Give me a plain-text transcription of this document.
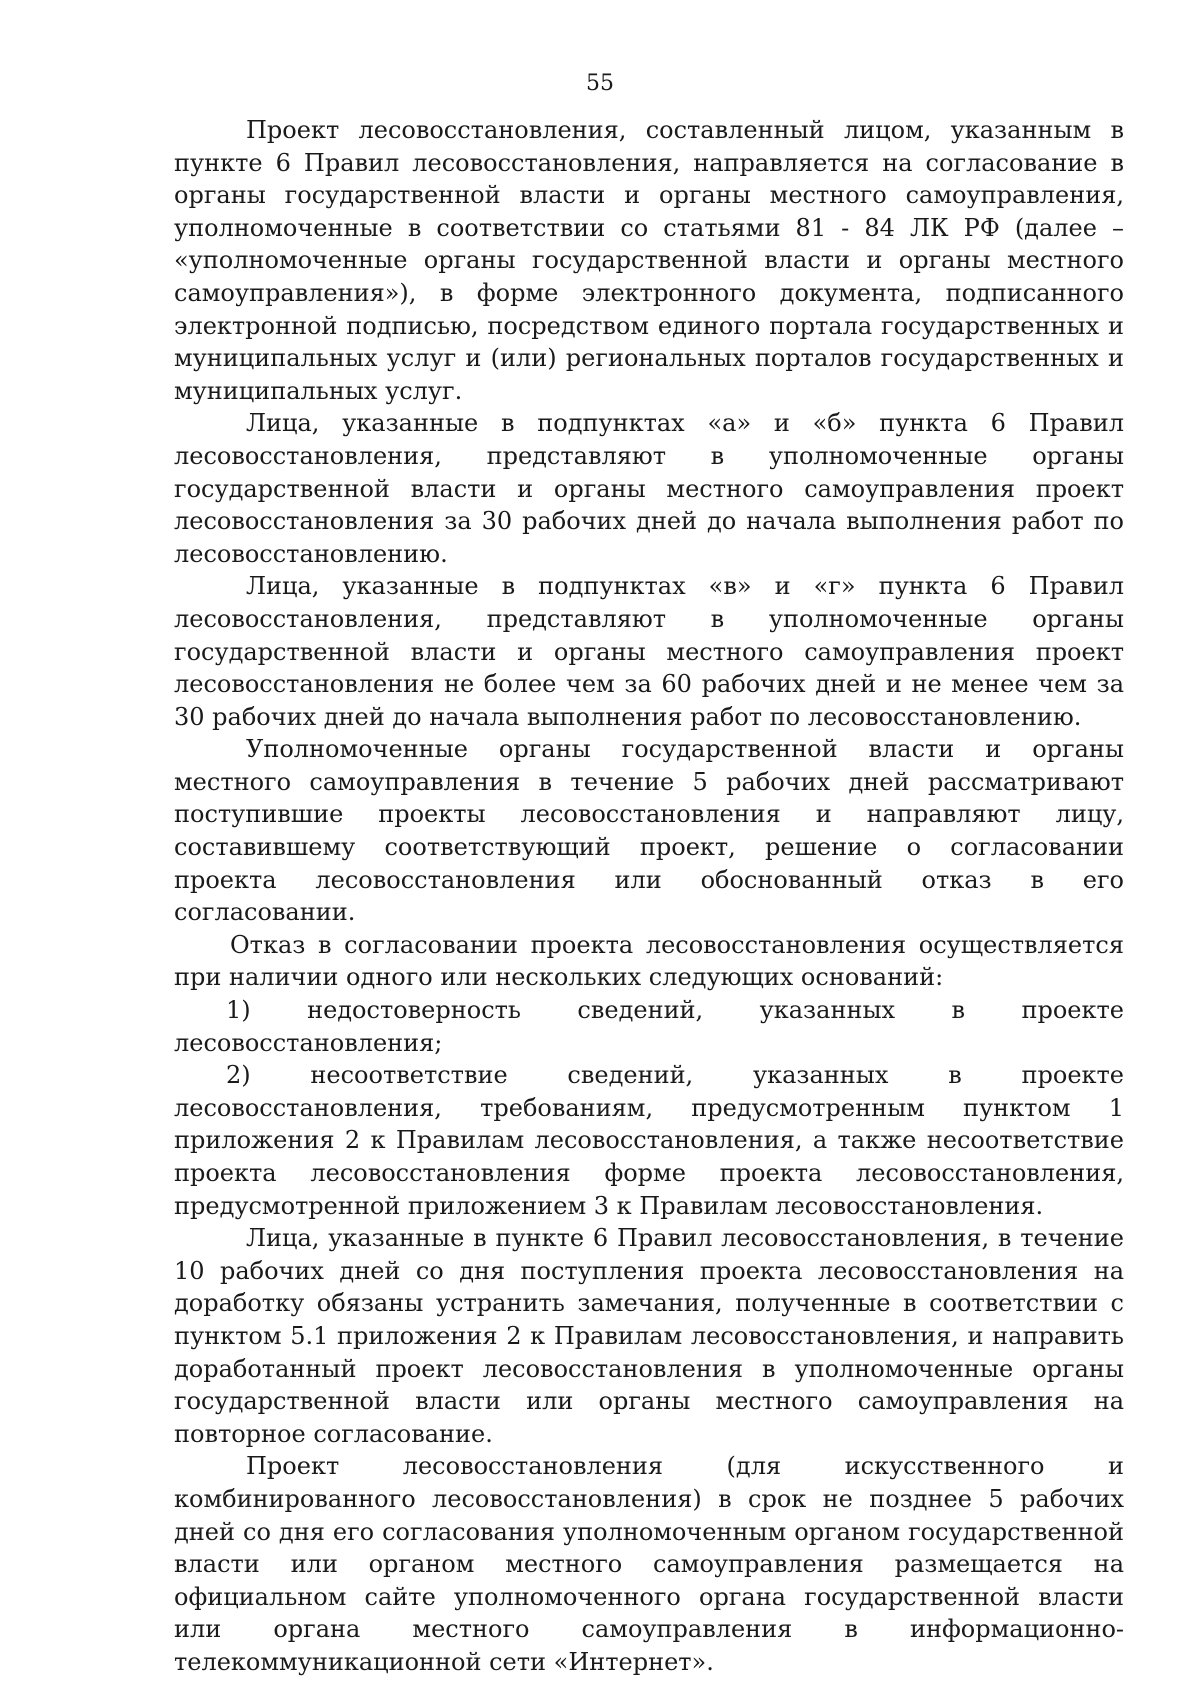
55

Проект лесовосстановления, составленный лицом, указанным в пункте 6 Правил лесовосстановления, направляется на согласование в органы государственной власти и органы местного самоуправления, уполномоченные в соответствии со статьями 81 - 84 ЛК РФ (далее – «уполномоченные органы государственной власти и органы местного самоуправления»), в форме электронного документа, подписанного электронной подписью, посредством единого портала государственных и муниципальных услуг и (или) региональных порталов государственных и муниципальных услуг.

Лица, указанные в подпунктах «а» и «б» пункта 6 Правил лесовосстановления, представляют в уполномоченные органы государственной власти и органы местного самоуправления проект лесовосстановления за 30 рабочих дней до начала выполнения работ по лесовосстановлению.

Лица, указанные в подпунктах «в» и «г» пункта 6 Правил лесовосстановления, представляют в уполномоченные органы государственной власти и органы местного самоуправления проект лесовосстановления не более чем за 60 рабочих дней и не менее чем за 30 рабочих дней до начала выполнения работ по лесовосстановлению.

Уполномоченные органы государственной власти и органы местного самоуправления в течение 5 рабочих дней рассматривают поступившие проекты лесовосстановления и направляют лицу, составившему соответствующий проект, решение о согласовании проекта лесовосстановления или обоснованный отказ в его согласовании.

Отказ в согласовании проекта лесовосстановления осуществляется при наличии одного или нескольких следующих оснований:

1) недостоверность сведений, указанных в проекте лесовосстановления;

2) несоответствие сведений, указанных в проекте лесовосстановления, требованиям, предусмотренным пунктом 1 приложения 2 к Правилам лесовосстановления, а также несоответствие проекта лесовосстановления форме проекта лесовосстановления, предусмотренной приложением 3 к Правилам лесовосстановления.

Лица, указанные в пункте 6 Правил лесовосстановления, в течение 10 рабочих дней со дня поступления проекта лесовосстановления на доработку обязаны устранить замечания, полученные в соответствии с пунктом 5.1 приложения 2 к Правилам лесовосстановления, и направить доработанный проект лесовосстановления в уполномоченные органы государственной власти или органы местного самоуправления на повторное согласование.

Проект лесовосстановления (для искусственного и комбинированного лесовосстановления) в срок не позднее 5 рабочих дней со дня его согласования уполномоченным органом государственной власти или органом местного самоуправления размещается на официальном сайте уполномоченного органа государственной власти или органа местного самоуправления в информационно-телекоммуникационной сети «Интернет».
